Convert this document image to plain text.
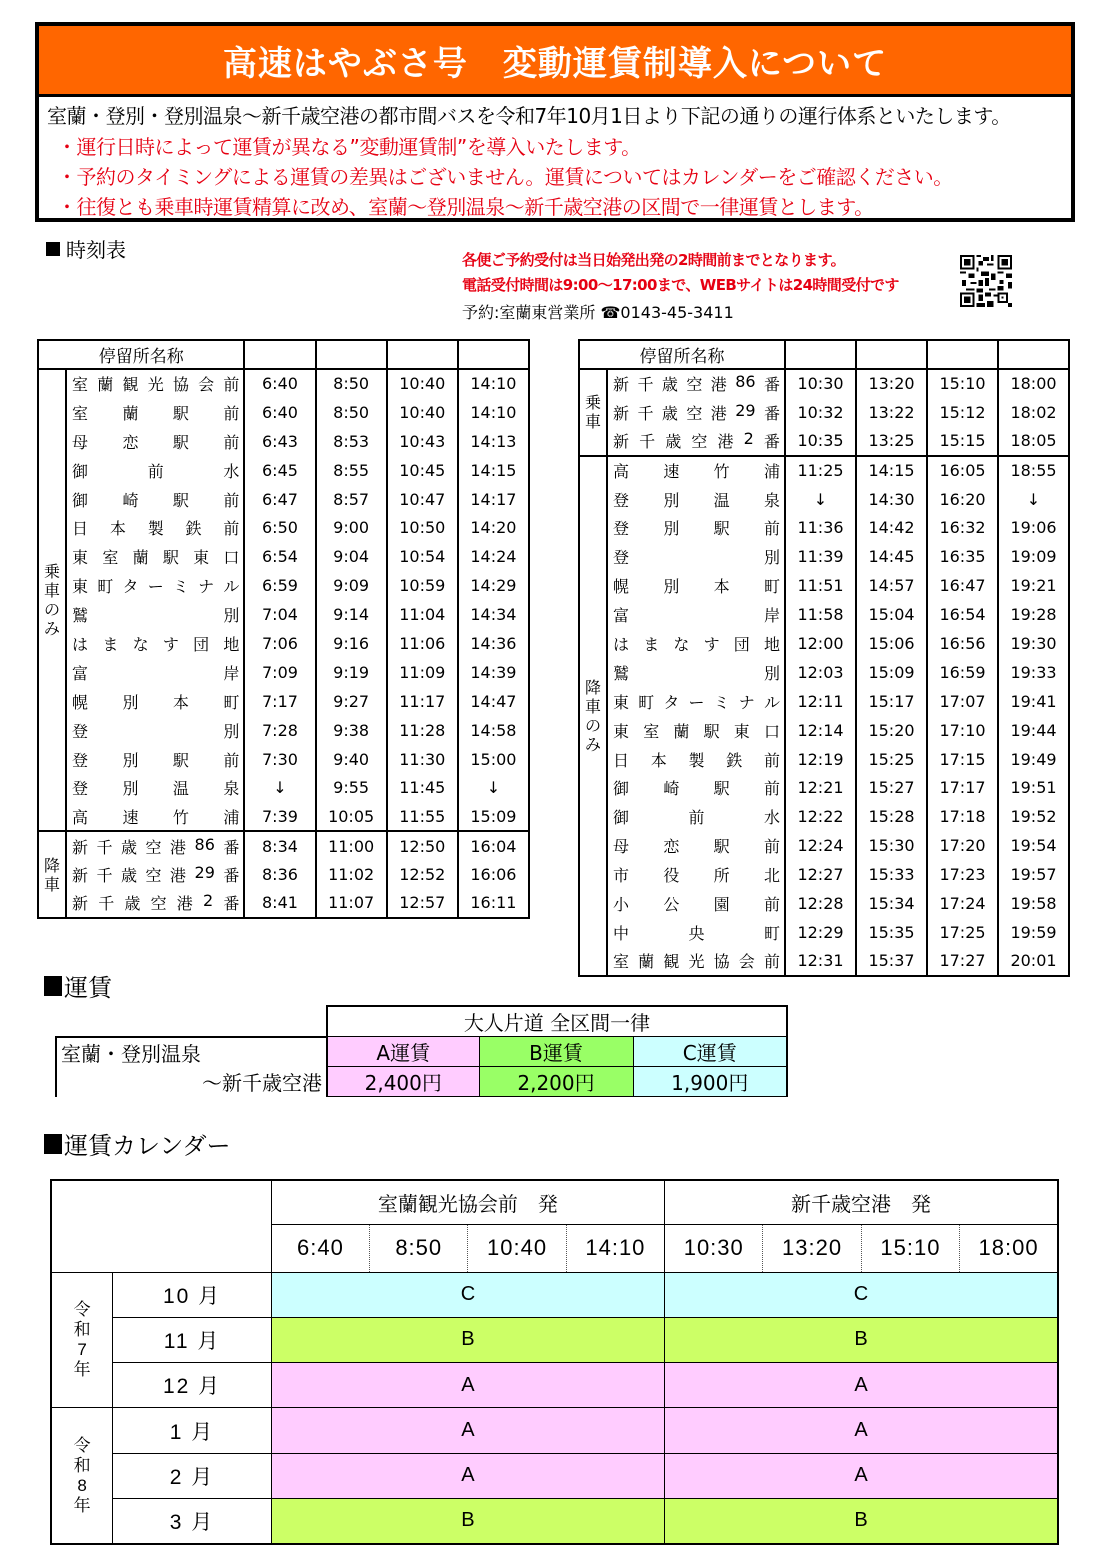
高速はやぶさ号　変動運賃制導入について
室蘭・登別・登別温泉～新千歳空港の都市間バスを令和7年10月1日より下記の通りの運行体系といたします。
・運行日時によって運賃が異なる”変動運賃制”を導入いたします。
・予約のタイミングによる運賃の差異はございません。運賃についてはカレンダーをご確認ください。
・往復とも乗車時運賃精算に改め、室蘭～登別温泉～新千歳空港の区間で一律運賃とします。
時刻表	各便ご予約受付は当日始発出発の2時間前までとなります。
電話受付時間は9:00～17:00まで、WEBサイトは24時間受付です
予約:室蘭東営業所 ☎0143-45-3411
停留所名称					

乗
車
の
み

室 蘭 観 光 協 会 前	6:40	8:50	10:40	14:10

	室 蘭 駅 前	6:40	8:50	10:40	14:10

	母 恋 駅 前	6:43	8:53	10:43	14:13

	御 前 水	6:45	8:55	10:45	14:15

	御 崎 駅 前	6:47	8:57	10:47	14:17

	日 本 製 鉄 前	6:50	9:00	10:50	14:20

東 室 蘭 駅 東 口	6:54	9:04	10:54	14:24

東 町 タ ー ミ ナ ル	6:59	9:09	10:59	14:29

	鷲 別	7:04	9:14	11:04	14:34

は ま な す 団 地	7:06	9:16	11:06	14:36

	富 岸	7:09	9:19	11:09	14:39

	幌 別 本 町	7:17	9:27	11:17	14:47

	登 別	7:28	9:38	11:28	14:58

	登 別 駅 前	7:30	9:40	11:30	15:00

	登 別 温 泉	↓	9:55	11:45	↓

	高 速 竹 浦	7:39	10:05	11:55	15:09

降
車

新 千 歳 空 港 86 番	8:34	11:00	12:50	16:04

新 千 歳 空 港 29 番	8:36	11:02	12:52	16:06

新 千 歳 空 港 2 番	8:41	11:07	12:57	16:11
停留所名称					

乗
車

新 千 歳 空 港 86 番	10:30	13:20	15:10	18:00

新 千 歳 空 港 29 番	10:32	13:22	15:12	18:02

新 千 歳 空 港 2 番	10:35	13:25	15:15	18:05

降
車
の
み

高 速 竹 浦	11:25	14:15	16:05	18:55

	登 別 温 泉	↓	14:30	16:20	↓

	登 別 駅 前	11:36	14:42	16:32	19:06

	登 別	11:39	14:45	16:35	19:09

	幌 別 本 町	11:51	14:57	16:47	19:21

	富 岸	11:58	15:04	16:54	19:28

は ま な す 団 地	12:00	15:06	16:56	19:30

	鷲 別	12:03	15:09	16:59	19:33

東 町 タ ー ミ ナ ル	12:11	15:17	17:07	19:41

東 室 蘭 駅 東 口	12:14	15:20	17:10	19:44

	日 本 製 鉄 前	12:19	15:25	17:15	19:49

	御 崎 駅 前	12:21	15:27	17:17	19:51

	御 前 水	12:22	15:28	17:18	19:52

	母 恋 駅 前	12:24	15:30	17:20	19:54

	市 役 所 北	12:27	15:33	17:23	19:57

	小 公 園 前	12:28	15:34	17:24	19:58

	中 央 町	12:29	15:35	17:25	19:59

室 蘭 観 光 協 会 前	12:31	15:37	17:27	20:01
運賃
	大人片道 全区間一律		
室蘭・登別温泉	A運賃	B運賃	C運賃
～新千歳空港	2,400円	2,200円	1,900円
運賃カレンダー
		室蘭観光協会前　発				新千歳空港　発			
		6:40	8:50	10:40	14:10	10:30	13:20	15:10	18:00

令
和
7
年	10 月	C				C			
	11 月	B				B			
	12 月	A				A			

令
和
8
年	1 月	A				A			
	2 月	A				A			
	3 月	B				B			
